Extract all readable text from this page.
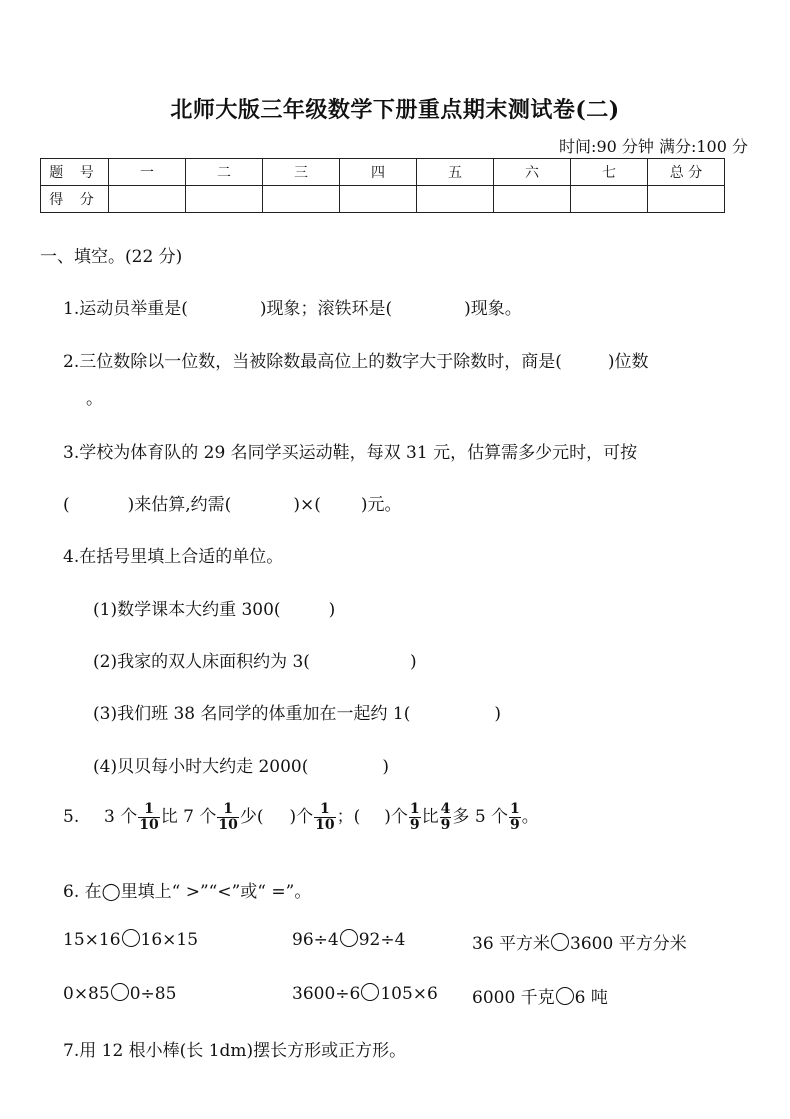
北师大版三年级数学下册重点期末测试卷(二)
时间:90 分钟 满分:100 分
题 号	一	二	三	四	五	六	七	总 分
得 分								
一、填空。(22 分)
1.运动员举重是(	)现象；滚铁环是(	)现象。
2.三位数除以一位数，当被除数最高位上的数字大于除数时，商是(	)位数
。
3.学校为体育队的 29 名同学买运动鞋，每双 31 元，估算需多少元时，可按
(	)来估算,约需(	)×( )元。
4.在括号里填上合适的单位。
(1)数学课本大约重 300(	)
(2)我家的双人床面积约为 3(	)
(3)我们班 38 名同学的体重加在一起约 1(	)
(4)贝贝每小时大约走 2000(	)
5. 3 个 $\frac{1}{10}$ 比 7 个 $\frac{1}{10}$ 少( )个 $\frac{1}{10}$ ；( )个 $\frac{1}{9}$ 比 $\frac{4}{9}$ 多 5 个 $\frac{1}{9}$ 。
6. 在◯里填上“ >”“<”或“ =”。
15×16 16×15	96÷4 92÷4	36 平方米 3600 平方分米
0×85 0÷85	3600÷6 105×6 6000 千克 6 吨
7.用 12 根小棒(长 1dm)摆长方形或正方形。
